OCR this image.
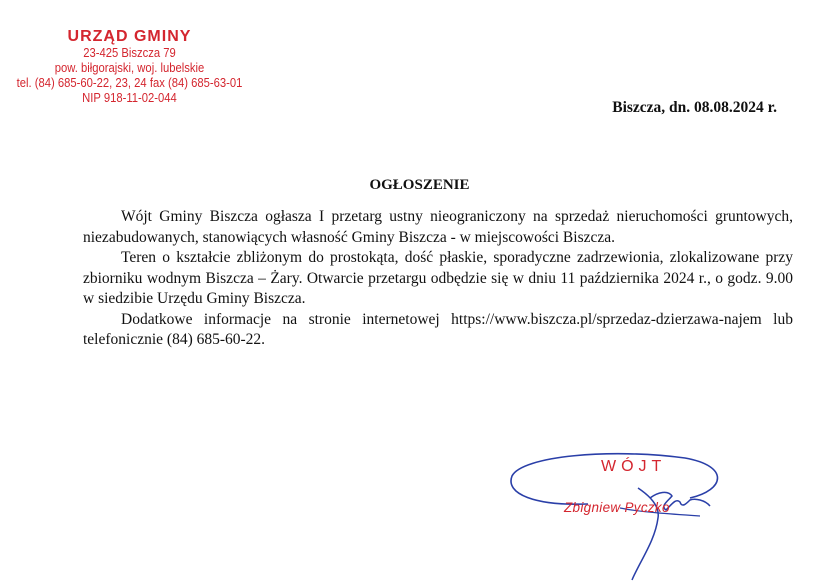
URZĄD GMINY
23-425 Biszcza 79
pow. biłgorajski, woj. lubelskie
tel. (84) 685-60-22, 23, 24 fax (84) 685-63-01
NIP 918-11-02-044
Biszcza, dn. 08.08.2024 r.
OGŁOSZENIE

Wójt Gminy Biszcza ogłasza I przetarg ustny nieograniczony na sprzedaż nieruchomości gruntowych, niezabudowanych, stanowiących własność Gminy Biszcza - w miejscowości Biszcza.

Teren o kształcie zbliżonym do prostokąta, dość płaskie, sporadyczne zadrzewionia, zlokalizowane przy zbiorniku wodnym Biszcza – Żary. Otwarcie przetargu odbędzie się w dniu 11 października 2024 r., o godz. 9.00 w siedzibie Urzędu Gminy Biszcza.

Dodatkowe informacje na stronie internetowej https://www.biszcza.pl/sprzedaz-dzierzawa-najem lub telefonicznie (84) 685-60-22.

WÓJT
Zbigniew Pyczko
